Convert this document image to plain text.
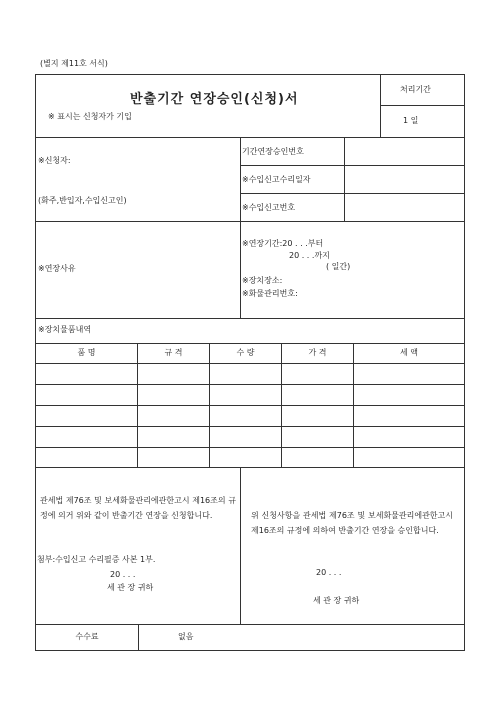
(별지 제11호 서식)
반출기간 연장승인(신청)서
※ 표시는 신청자가 기입
처리기간
1 일
※신청자:
(화주,반입자,수입신고인)
기간연장승인번호
※수입신고수리일자
※수입신고번호
※연장사유
※연장기간:20 . . .부터
20 . . .까지
( 일간)
※장치장소:
※화물관리번호:
※장치물품내역
품 명	규 격	수 량	가 격	세 액
관세법 제76조 및 보세화물관리에관한고시 제16조의 규정에 의거 위와 같이 반출기간 연장을 신청합니다.
첨부:수입신고 수리필증 사본 1부.
20 . . .
세 관 장 귀하
위 신청사항을 관세법 제76조 및 보세화물관리에관한고시 제16조의 규정에 의하여 반출기간 연장을 승인합니다.
20 . . .
세 관 장 귀하
수수료	없음
